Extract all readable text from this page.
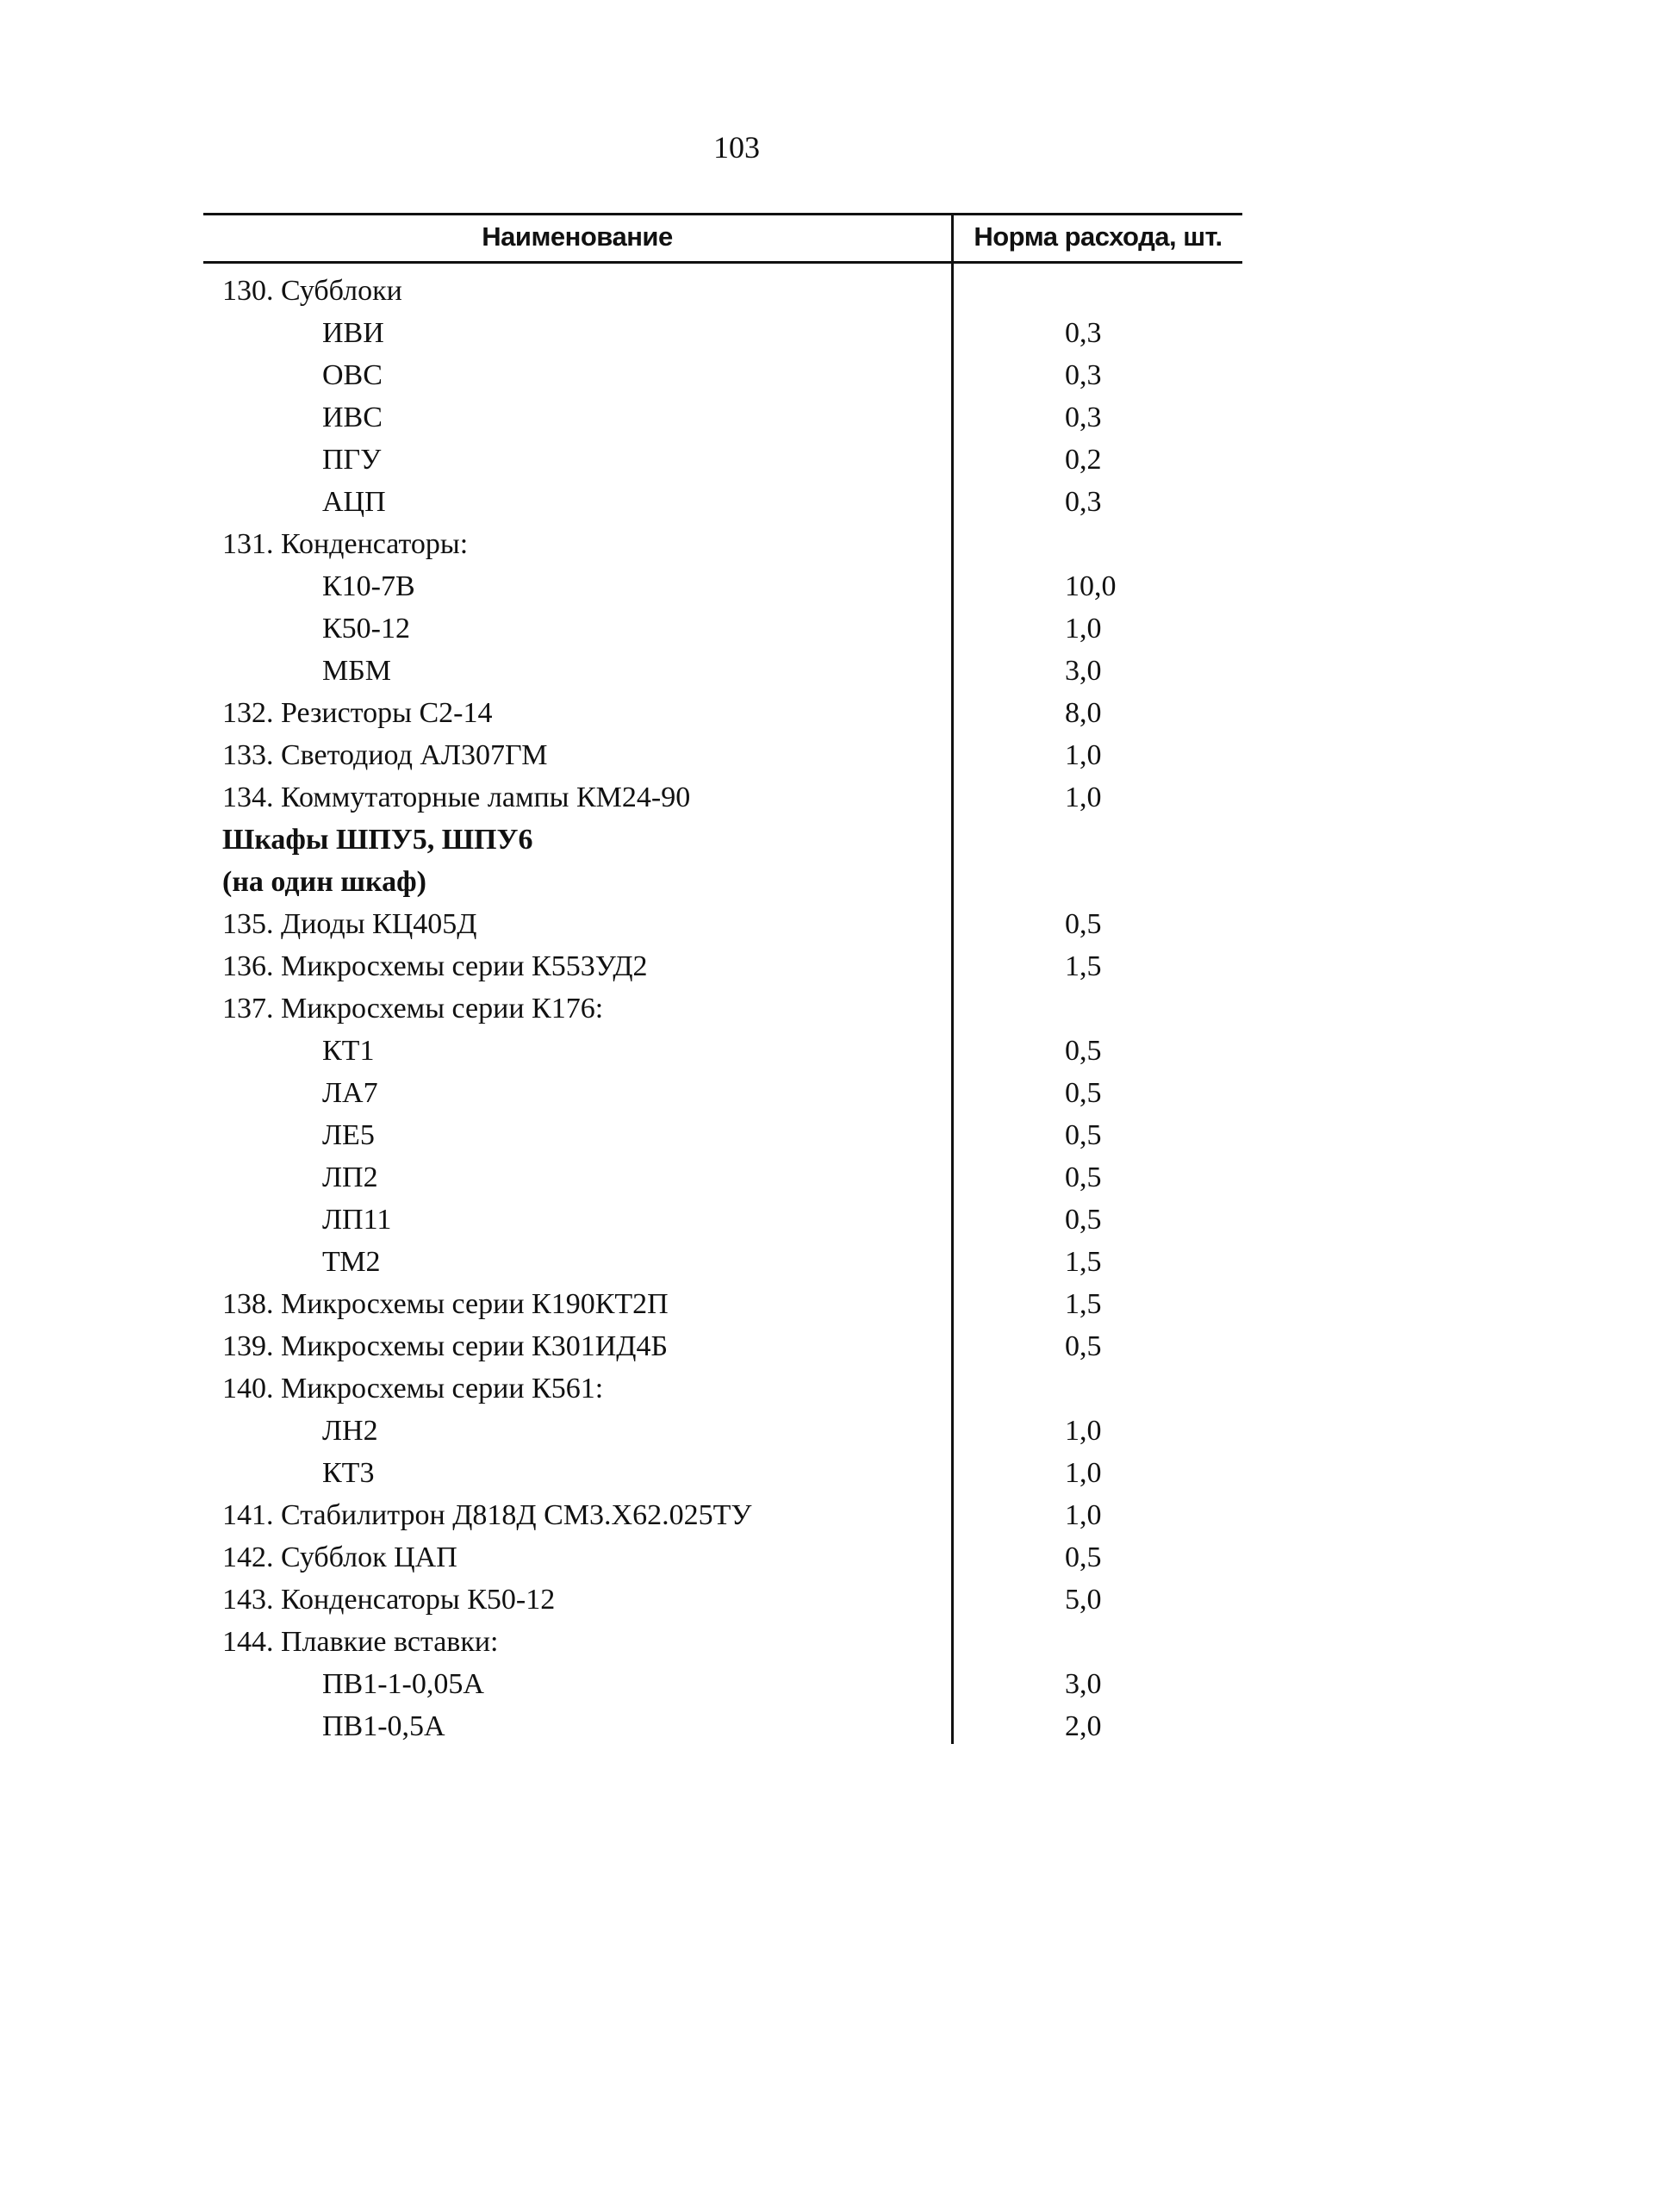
103
Наименование	Норма расхода, шт.
130. Субблоки
ИВИ	0,3
ОВС	0,3
ИВС	0,3
ПГУ	0,2
АЦП	0,3
131. Конденсаторы:
К10-7В	10,0
К50-12	1,0
МБМ	3,0
132. Резисторы С2-14	8,0
133. Светодиод АЛ307ГМ	1,0
134. Коммутаторные лампы КМ24-90	1,0
Шкафы ШПУ5, ШПУ6
(на один шкаф)
135. Диоды КЦ405Д	0,5
136. Микросхемы серии К553УД2	1,5
137. Микросхемы серии К176:
КТ1	0,5
ЛА7	0,5
ЛЕ5	0,5
ЛП2	0,5
ЛП11	0,5
ТМ2	1,5
138. Микросхемы серии К190КТ2П	1,5
139. Микросхемы серии К301ИД4Б	0,5
140. Микросхемы серии К561:
ЛН2	1,0
КТ3	1,0
141. Стабилитрон Д818Д СМ3.Х62.025ТУ	1,0
142. Субблок ЦАП	0,5
143. Конденсаторы К50-12	5,0
144. Плавкие вставки:
ПВ1-1-0,05А	3,0
ПВ1-0,5А	2,0
